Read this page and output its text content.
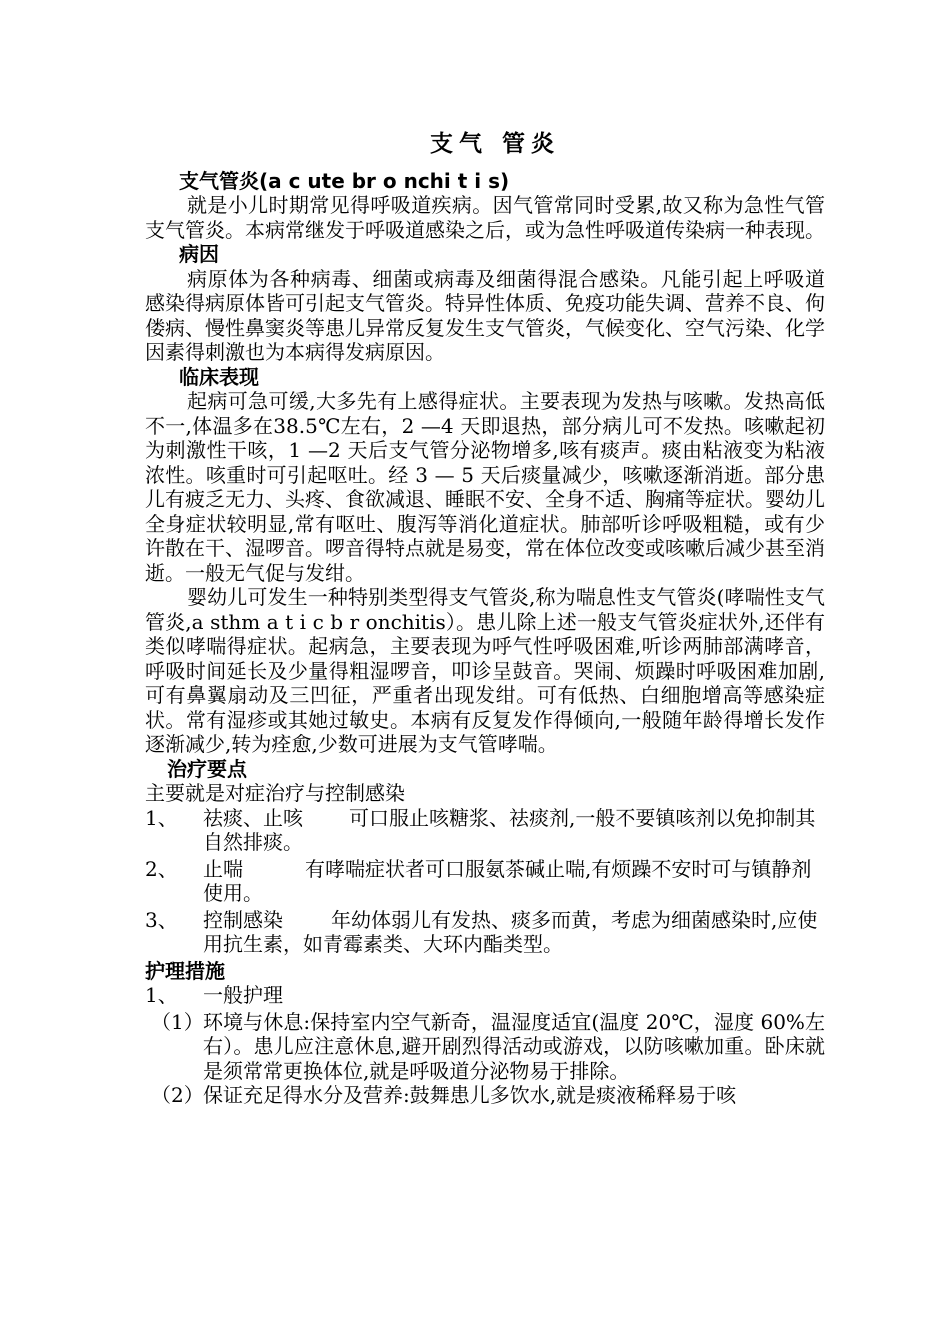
支气 管炎
支气管炎(a c ute br o nchi t i s)

就是小儿时期常见得呼吸道疾病。因气管常同时受累,故又称为急性气管支气管炎。本病常继发于呼吸道感染之后，或为急性呼吸道传染病一种表现。

病因

病原体为各种病毒、细菌或病毒及细菌得混合感染。凡能引起上呼吸道感染得病原体皆可引起支气管炎。特异性体质、免疫功能失调、营养不良、佝偻病、慢性鼻窦炎等患儿异常反复发生支气管炎，气候变化、空气污染、化学因素得刺激也为本病得发病原因。

临床表现

起病可急可缓,大多先有上感得症状。主要表现为发热与咳嗽。发热高低不一,体温多在38.5℃左右，2 —4 天即退热，部分病儿可不发热。咳嗽起初为刺激性干咳，1 —2 天后支气管分泌物增多,咳有痰声。痰由粘液变为粘液浓性。咳重时可引起呕吐。经 3 — 5 天后痰量减少，咳嗽逐渐消逝。部分患儿有疲乏无力、头疼、食欲减退、睡眠不安、全身不适、胸痛等症状。婴幼儿全身症状较明显,常有呕吐、腹泻等消化道症状。肺部听诊呼吸粗糙，或有少许散在干、湿啰音。啰音得特点就是易变，常在体位改变或咳嗽后减少甚至消逝。一般无气促与发绀。

婴幼儿可发生一种特别类型得支气管炎,称为喘息性支气管炎(哮喘性支气管炎,a sthm a t i c b r onchitis）。患儿除上述一般支气管炎症状外,还伴有类似哮喘得症状。起病急，主要表现为呼气性呼吸困难,听诊两肺部满哮音，呼吸时间延长及少量得粗湿啰音，叩诊呈鼓音。哭闹、烦躁时呼吸困难加剧,可有鼻翼扇动及三凹征，严重者出现发绀。可有低热、白细胞增高等感染症状。常有湿疹或其她过敏史。本病有反复发作得倾向,一般随年龄得增长发作逐渐减少,转为痊愈,少数可进展为支气管哮喘。

治疗要点

主要就是对症治疗与控制感染

1、	祛痰、止咳 可口服止咳糖浆、祛痰剂,一般不要镇咳剂以免抑制其自然排痰。
2、	止喘	有哮喘症状者可口服氨茶碱止喘,有烦躁不安时可与镇静剂使用。
3、	控制感染 年幼体弱儿有发热、痰多而黄，考虑为细菌感染时,应使用抗生素，如青霉素类、大环内酯类型。
护理措施
1、	一般护理
（1） 环境与休息:保持室内空气新奇，温湿度适宜(温度 20℃，湿度 60%左右）。患儿应注意休息,避开剧烈得活动或游戏，以防咳嗽加重。卧床就是须常常更换体位,就是呼吸道分泌物易于排除。
（2） 保证充足得水分及营养:鼓舞患儿多饮水,就是痰液稀释易于咳
